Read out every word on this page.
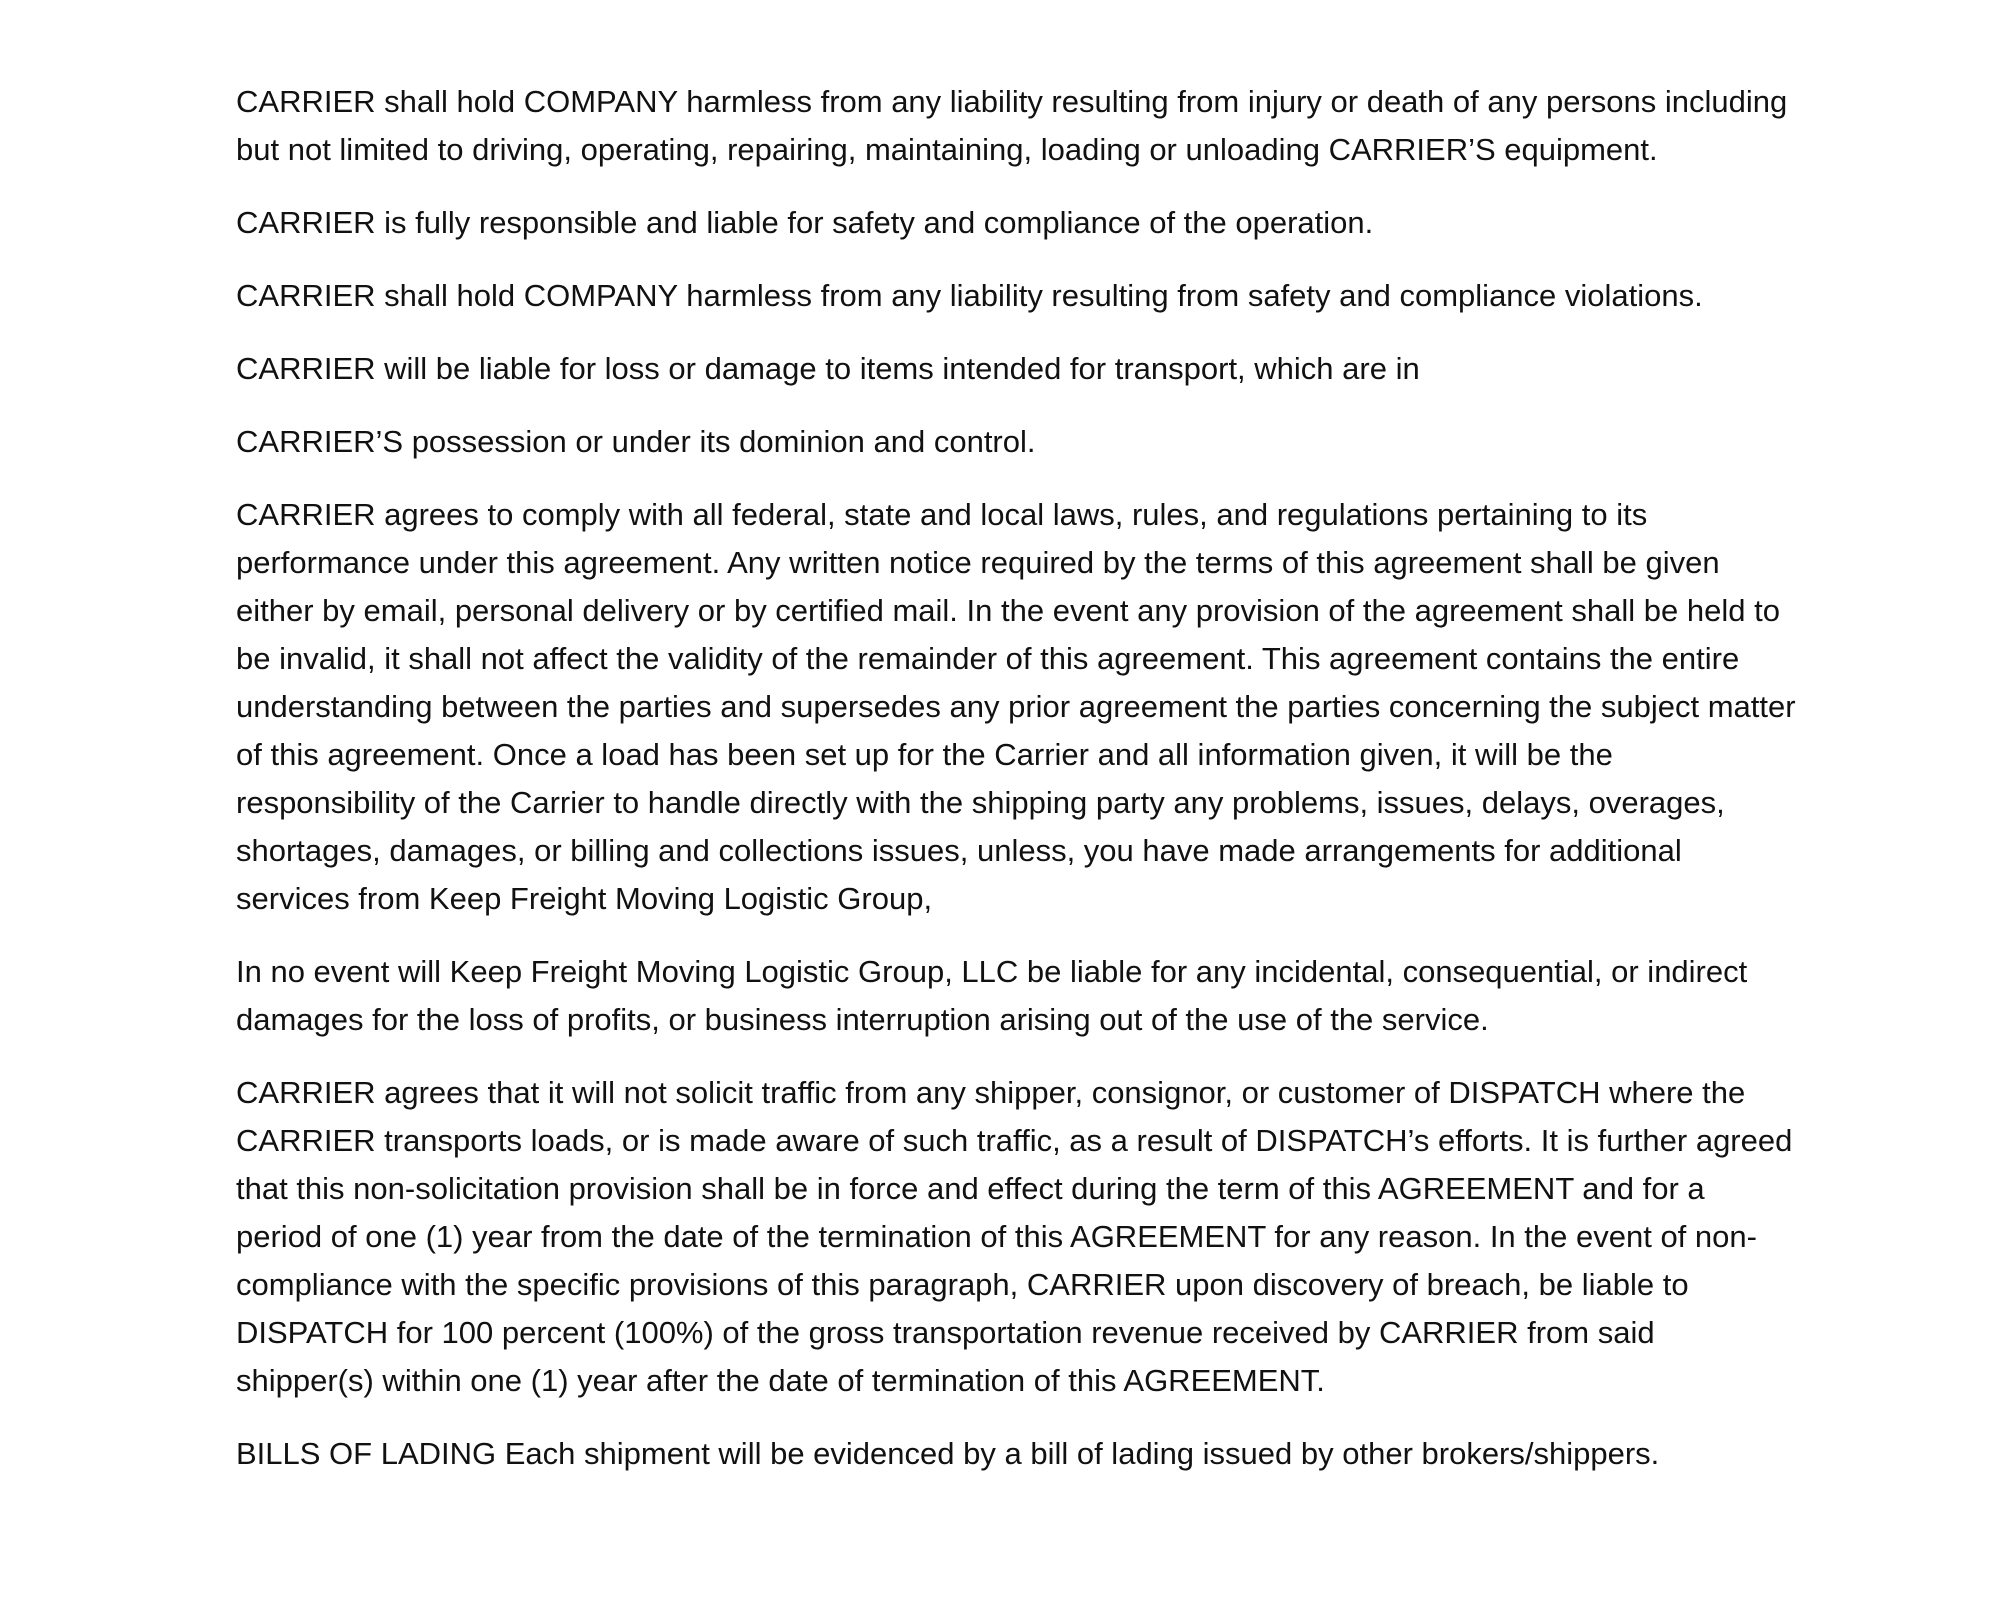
CARRIER shall hold COMPANY harmless from any liability resulting from injury or death of any persons including but not limited to driving, operating, repairing, maintaining, loading or unloading CARRIER’S equipment.

CARRIER is fully responsible and liable for safety and compliance of the operation.

CARRIER shall hold COMPANY harmless from any liability resulting from safety and compliance violations.

CARRIER will be liable for loss or damage to items intended for transport, which are in

CARRIER’S possession or under its dominion and control.

CARRIER agrees to comply with all federal, state and local laws, rules, and regulations pertaining to its performance under this agreement. Any written notice required by the terms of this agreement shall be given either by email, personal delivery or by certified mail. In the event any provision of the agreement shall be held to be invalid, it shall not affect the validity of the remainder of this agreement. This agreement contains the entire understanding between the parties and supersedes any prior agreement the parties concerning the subject matter of this agreement. Once a load has been set up for the Carrier and all information given, it will be the responsibility of the Carrier to handle directly with the shipping party any problems, issues, delays, overages, shortages, damages, or billing and collections issues, unless, you have made arrangements for additional services from Keep Freight Moving Logistic Group,

In no event will Keep Freight Moving Logistic Group, LLC be liable for any incidental, consequential, or indirect damages for the loss of profits, or business interruption arising out of the use of the service.

CARRIER agrees that it will not solicit traffic from any shipper, consignor, or customer of DISPATCH where the CARRIER transports loads, or is made aware of such traffic, as a result of DISPATCH’s efforts. It is further agreed that this non-solicitation provision shall be in force and effect during the term of this AGREEMENT and for a period of one (1) year from the date of the termination of this AGREEMENT for any reason. In the event of non-compliance with the specific provisions of this paragraph, CARRIER upon discovery of breach, be liable to DISPATCH for 100 percent (100%) of the gross transportation revenue received by CARRIER from said shipper(s) within one (1) year after the date of termination of this AGREEMENT.

BILLS OF LADING Each shipment will be evidenced by a bill of lading issued by other brokers/shippers.
